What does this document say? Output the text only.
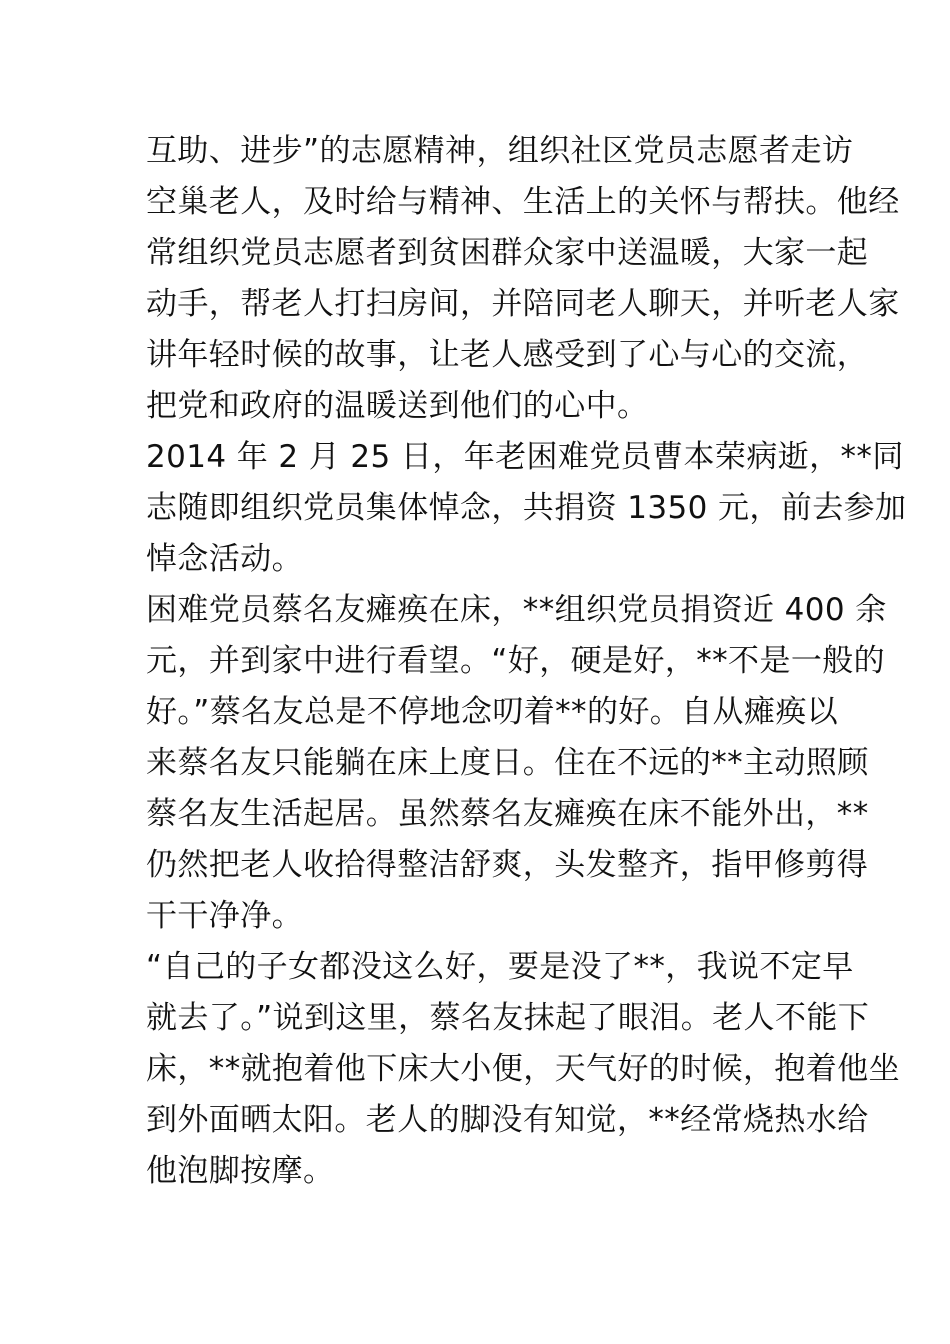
互助、进步”的志愿精神，组织社区党员志愿者走访
空巢老人，及时给与精神、生活上的关怀与帮扶。他经
常组织党员志愿者到贫困群众家中送温暖，大家一起
动手，帮老人打扫房间，并陪同老人聊天，并听老人家
讲年轻时候的故事，让老人感受到了心与心的交流，
把党和政府的温暖送到他们的心中。
2014 年 2 月 25 日，年老困难党员曹本荣病逝，**同
志随即组织党员集体悼念，共捐资 1350 元，前去参加
悼念活动。
困难党员蔡名友瘫痪在床，**组织党员捐资近 400 余
元，并到家中进行看望。“好，硬是好，**不是一般的
好。”蔡名友总是不停地念叨着**的好。自从瘫痪以
来蔡名友只能躺在床上度日。住在不远的**主动照顾
蔡名友生活起居。虽然蔡名友瘫痪在床不能外出，**
仍然把老人收拾得整洁舒爽，头发整齐，指甲修剪得
干干净净。
“自己的子女都没这么好，要是没了**，我说不定早
就去了。”说到这里，蔡名友抹起了眼泪。老人不能下
床，**就抱着他下床大小便，天气好的时候，抱着他坐
到外面晒太阳。老人的脚没有知觉，**经常烧热水给
他泡脚按摩。
